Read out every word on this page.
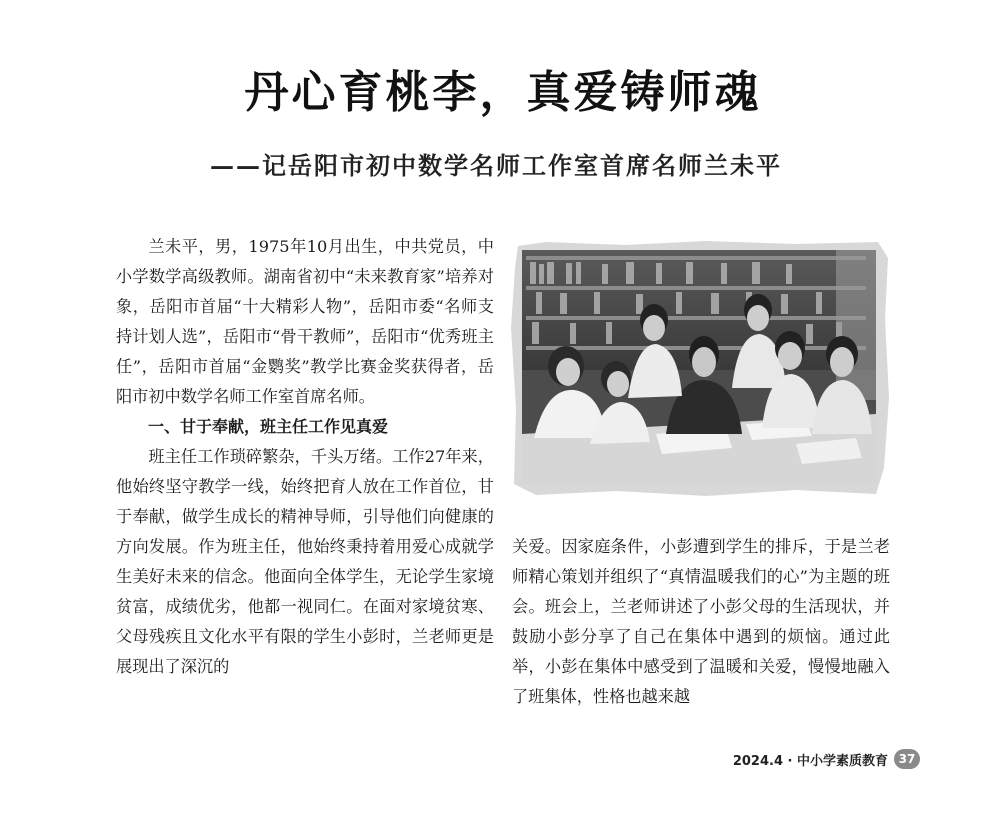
丹心育桃李，真爱铸师魂
——记岳阳市初中数学名师工作室首席名师兰未平

兰未平，男，1975年10月出生，中共党员，中小学数学高级教师。湖南省初中“未来教育家”培养对象，岳阳市首届“十大精彩人物”，岳阳市委“名师支持计划人选”，岳阳市“骨干教师”，岳阳市“优秀班主任”，岳阳市首届“金鹦奖”教学比赛金奖获得者，岳阳市初中数学名师工作室首席名师。

一、甘于奉献，班主任工作见真爱

班主任工作琐碎繁杂，千头万绪。工作27年来，他始终坚守教学一线，始终把育人放在工作首位，甘于奉献，做学生成长的精神导师，引导他们向健康的方向发展。作为班主任，他始终秉持着用爱心成就学生美好未来的信念。他面向全体学生，无论学生家境贫富，成绩优劣，他都一视同仁。在面对家境贫寒、父母残疾且文化水平有限的学生小彭时，兰老师更是展现出了深沉的

关爱。因家庭条件，小彭遭到学生的排斥，于是兰老师精心策划并组织了“真情温暖我们的心”为主题的班会。班会上，兰老师讲述了小彭父母的生活现状，并鼓励小彭分享了自己在集体中遇到的烦恼。通过此举，小彭在集体中感受到了温暖和关爱，慢慢地融入了班集体，性格也越来越

2024.4 · 中小学素质教育 37
